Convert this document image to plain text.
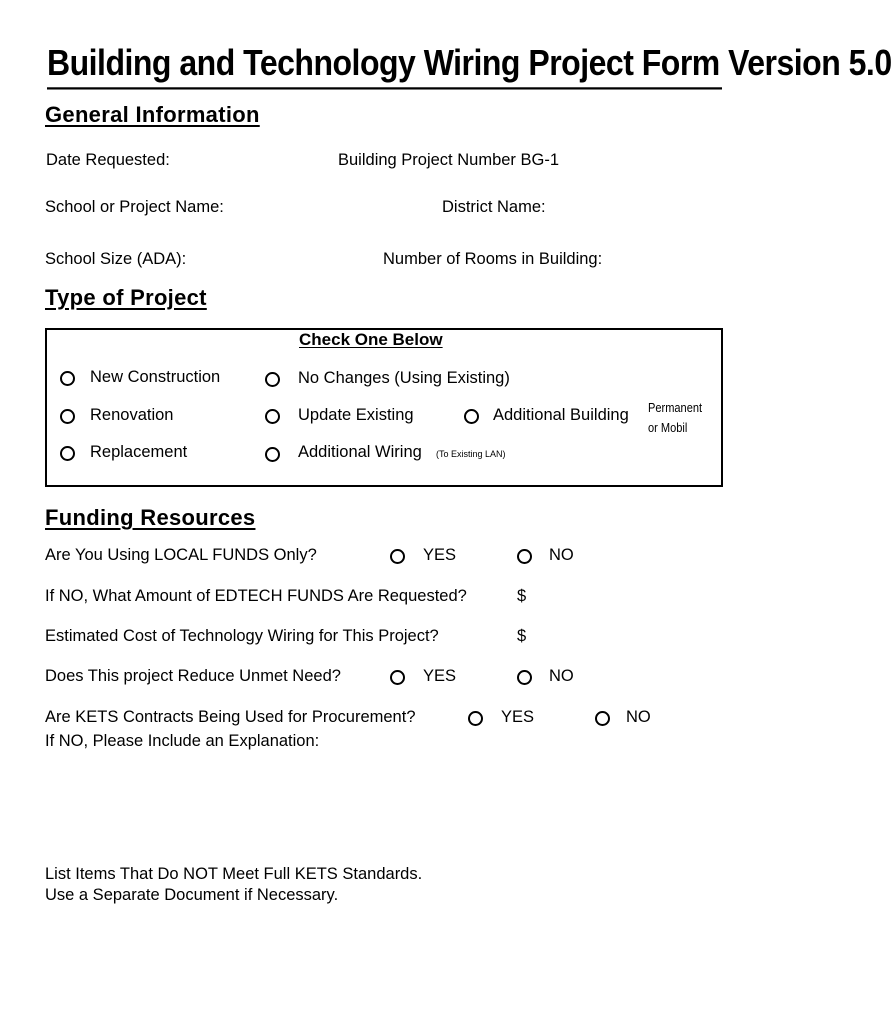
Building and Technology Wiring Project Form Version 5.0
General Information
Date Requested:	Building Project Number BG-1
School or Project Name:	District Name:
School Size (ADA):	Number of Rooms in Building:
Type of Project
Check One Below
New Construction	No Changes (Using Existing)
Renovation	Update Existing	Additional Building Permanent
or Mobil
Replacement	Additional Wiring (To Existing LAN)
Funding Resources
Are You Using LOCAL FUNDS Only?	YES	NO
If NO, What Amount of EDTECH FUNDS Are Requested?	$
Estimated Cost of Technology Wiring for This Project?	$
Does This project Reduce Unmet Need?	YES	NO
Are KETS Contracts Being Used for Procurement?	YES	NO
If NO, Please Include an Explanation:
List Items That Do NOT Meet Full KETS Standards.
Use a Separate Document if Necessary.
